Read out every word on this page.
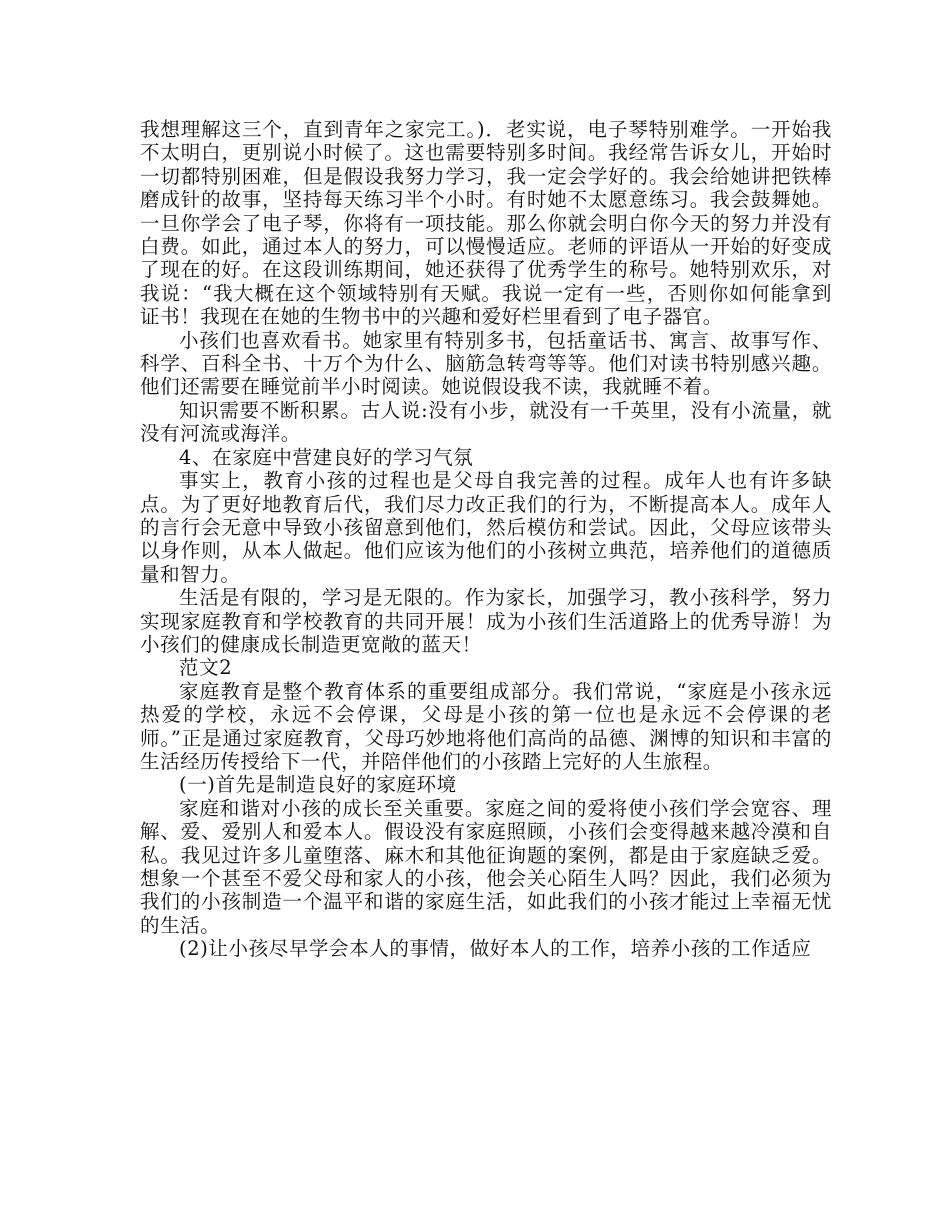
我想理解这三个，直到青年之家完工。)．老实说，电子琴特别难学。一开始我不太明白，更别说小时候了。这也需要特别多时间。我经常告诉女儿，开始时一切都特别困难，但是假设我努力学习，我一定会学好的。我会给她讲把铁棒磨成针的故事，坚持每天练习半个小时。有时她不太愿意练习。我会鼓舞她。一旦你学会了电子琴，你将有一项技能。那么你就会明白你今天的努力并没有白费。如此，通过本人的努力，可以慢慢适应。老师的评语从一开始的好变成了现在的好。在这段训练期间，她还获得了优秀学生的称号。她特别欢乐，对我说：“我大概在这个领域特别有天赋。我说一定有一些，否则你如何能拿到证书！我现在在她的生物书中的兴趣和爱好栏里看到了电子器官。

小孩们也喜欢看书。她家里有特别多书，包括童话书、寓言、故事写作、科学、百科全书、十万个为什么、脑筋急转弯等等。他们对读书特别感兴趣。他们还需要在睡觉前半小时阅读。她说假设我不读，我就睡不着。

知识需要不断积累。古人说:没有小步，就没有一千英里，没有小流量，就没有河流或海洋。

4、在家庭中营建良好的学习气氛

事实上，教育小孩的过程也是父母自我完善的过程。成年人也有许多缺点。为了更好地教育后代，我们尽力改正我们的行为，不断提高本人。成年人的言行会无意中导致小孩留意到他们，然后模仿和尝试。因此，父母应该带头以身作则，从本人做起。他们应该为他们的小孩树立典范，培养他们的道德质量和智力。

生活是有限的，学习是无限的。作为家长，加强学习，教小孩科学，努力实现家庭教育和学校教育的共同开展！成为小孩们生活道路上的优秀导游！为小孩们的健康成长制造更宽敞的蓝天！

范文2

家庭教育是整个教育体系的重要组成部分。我们常说，“家庭是小孩永远热爱的学校，永远不会停课，父母是小孩的第一位也是永远不会停课的老师。”正是通过家庭教育，父母巧妙地将他们高尚的品德、渊博的知识和丰富的生活经历传授给下一代，并陪伴他们的小孩踏上完好的人生旅程。

(一)首先是制造良好的家庭环境

家庭和谐对小孩的成长至关重要。家庭之间的爱将使小孩们学会宽容、理解、爱、爱别人和爱本人。假设没有家庭照顾，小孩们会变得越来越冷漠和自私。我见过许多儿童堕落、麻木和其他征询题的案例，都是由于家庭缺乏爱。想象一个甚至不爱父母和家人的小孩，他会关心陌生人吗？因此，我们必须为我们的小孩制造一个温平和谐的家庭生活，如此我们的小孩才能过上幸福无忧的生活。

(2)让小孩尽早学会本人的事情，做好本人的工作，培养小孩的工作适应
